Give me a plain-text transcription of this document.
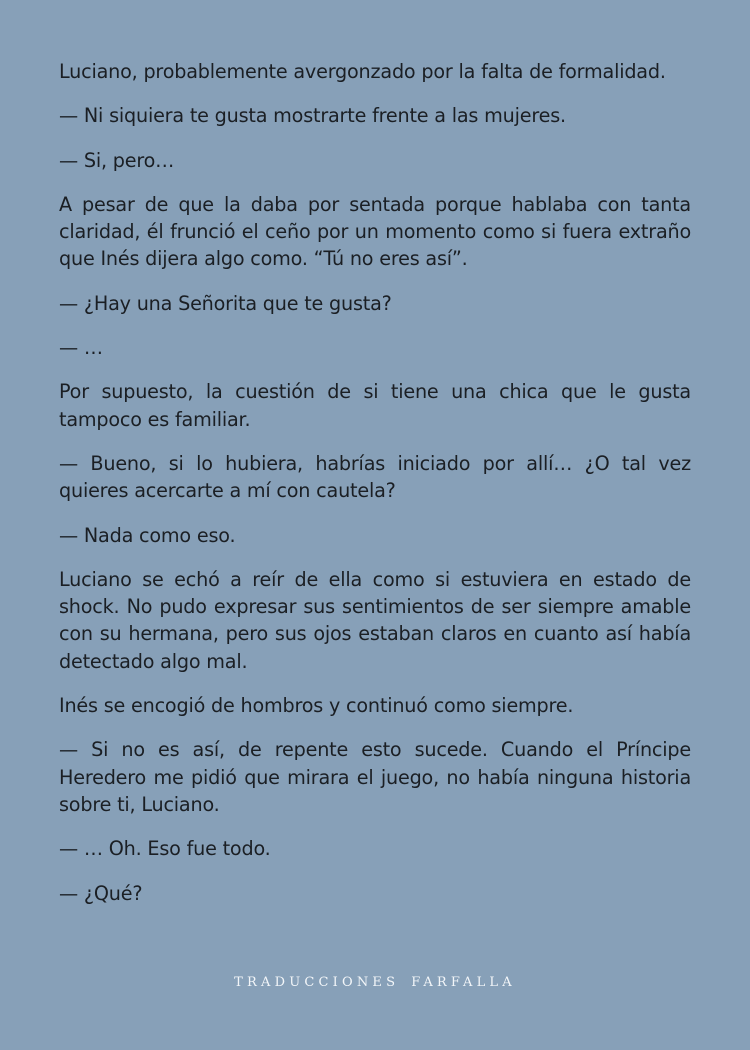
Luciano, probablemente avergonzado por la falta de formalidad.

— Ni siquiera te gusta mostrarte frente a las mujeres.

— Si, pero…

A pesar de que la daba por sentada porque hablaba con tanta claridad, él frunció el ceño por un momento como si fuera extraño que Inés dijera algo como. “Tú no eres así”.

— ¿Hay una Señorita que te gusta?

— …

Por supuesto, la cuestión de si tiene una chica que le gusta tampoco es familiar.

— Bueno, si lo hubiera, habrías iniciado por allí… ¿O tal vez quieres acercarte a mí con cautela?

— Nada como eso.

Luciano se echó a reír de ella como si estuviera en estado de shock. No pudo expresar sus sentimientos de ser siempre amable con su hermana, pero sus ojos estaban claros en cuanto así había detectado algo mal.

Inés se encogió de hombros y continuó como siempre.

— Si no es así, de repente esto sucede. Cuando el Príncipe Heredero me pidió que mirara el juego, no había ninguna historia sobre ti, Luciano.

— … Oh. Eso fue todo.

— ¿Qué?

TRADUCCIONES FARFALLA
